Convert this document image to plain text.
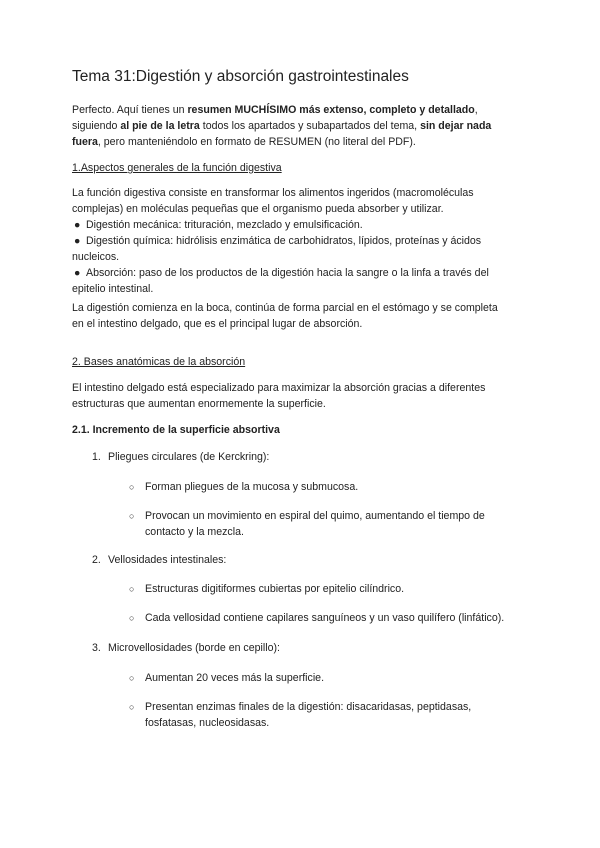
Tema 31:Digestión y absorción gastrointestinales
Perfecto. Aquí tienes un resumen MUCHÍSIMO más extenso, completo y detallado,
siguiendo al pie de la letra todos los apartados y subapartados del tema, sin dejar nada
fuera, pero manteniéndolo en formato de RESUMEN (no literal del PDF).
1.Aspectos generales de la función digestiva
La función digestiva consiste en transformar los alimentos ingeridos (macromoléculas
complejas) en moléculas pequeñas que el organismo pueda absorber y utilizar.
● Digestión mecánica: trituración, mezclado y emulsificación.
● Digestión química: hidrólisis enzimática de carbohidratos, lípidos, proteínas y ácidos
nucleicos.
● Absorción: paso de los productos de la digestión hacia la sangre o la linfa a través del
epitelio intestinal.
La digestión comienza en la boca, continúa de forma parcial en el estómago y se completa
en el intestino delgado, que es el principal lugar de absorción.
2. Bases anatómicas de la absorción
El intestino delgado está especializado para maximizar la absorción gracias a diferentes
estructuras que aumentan enormemente la superficie.
2.1. Incremento de la superficie absortiva
1. Pliegues circulares (de Kerckring):
○ Forman pliegues de la mucosa y submucosa.
○ Provocan un movimiento en espiral del quimo, aumentando el tiempo de
contacto y la mezcla.
2. Vellosidades intestinales:
○ Estructuras digitiformes cubiertas por epitelio cilíndrico.
○ Cada vellosidad contiene capilares sanguíneos y un vaso quilífero (linfático).
3. Microvellosidades (borde en cepillo):
○ Aumentan 20 veces más la superficie.
○ Presentan enzimas finales de la digestión: disacaridasas, peptidasas,
fosfatasas, nucleosidasas.
